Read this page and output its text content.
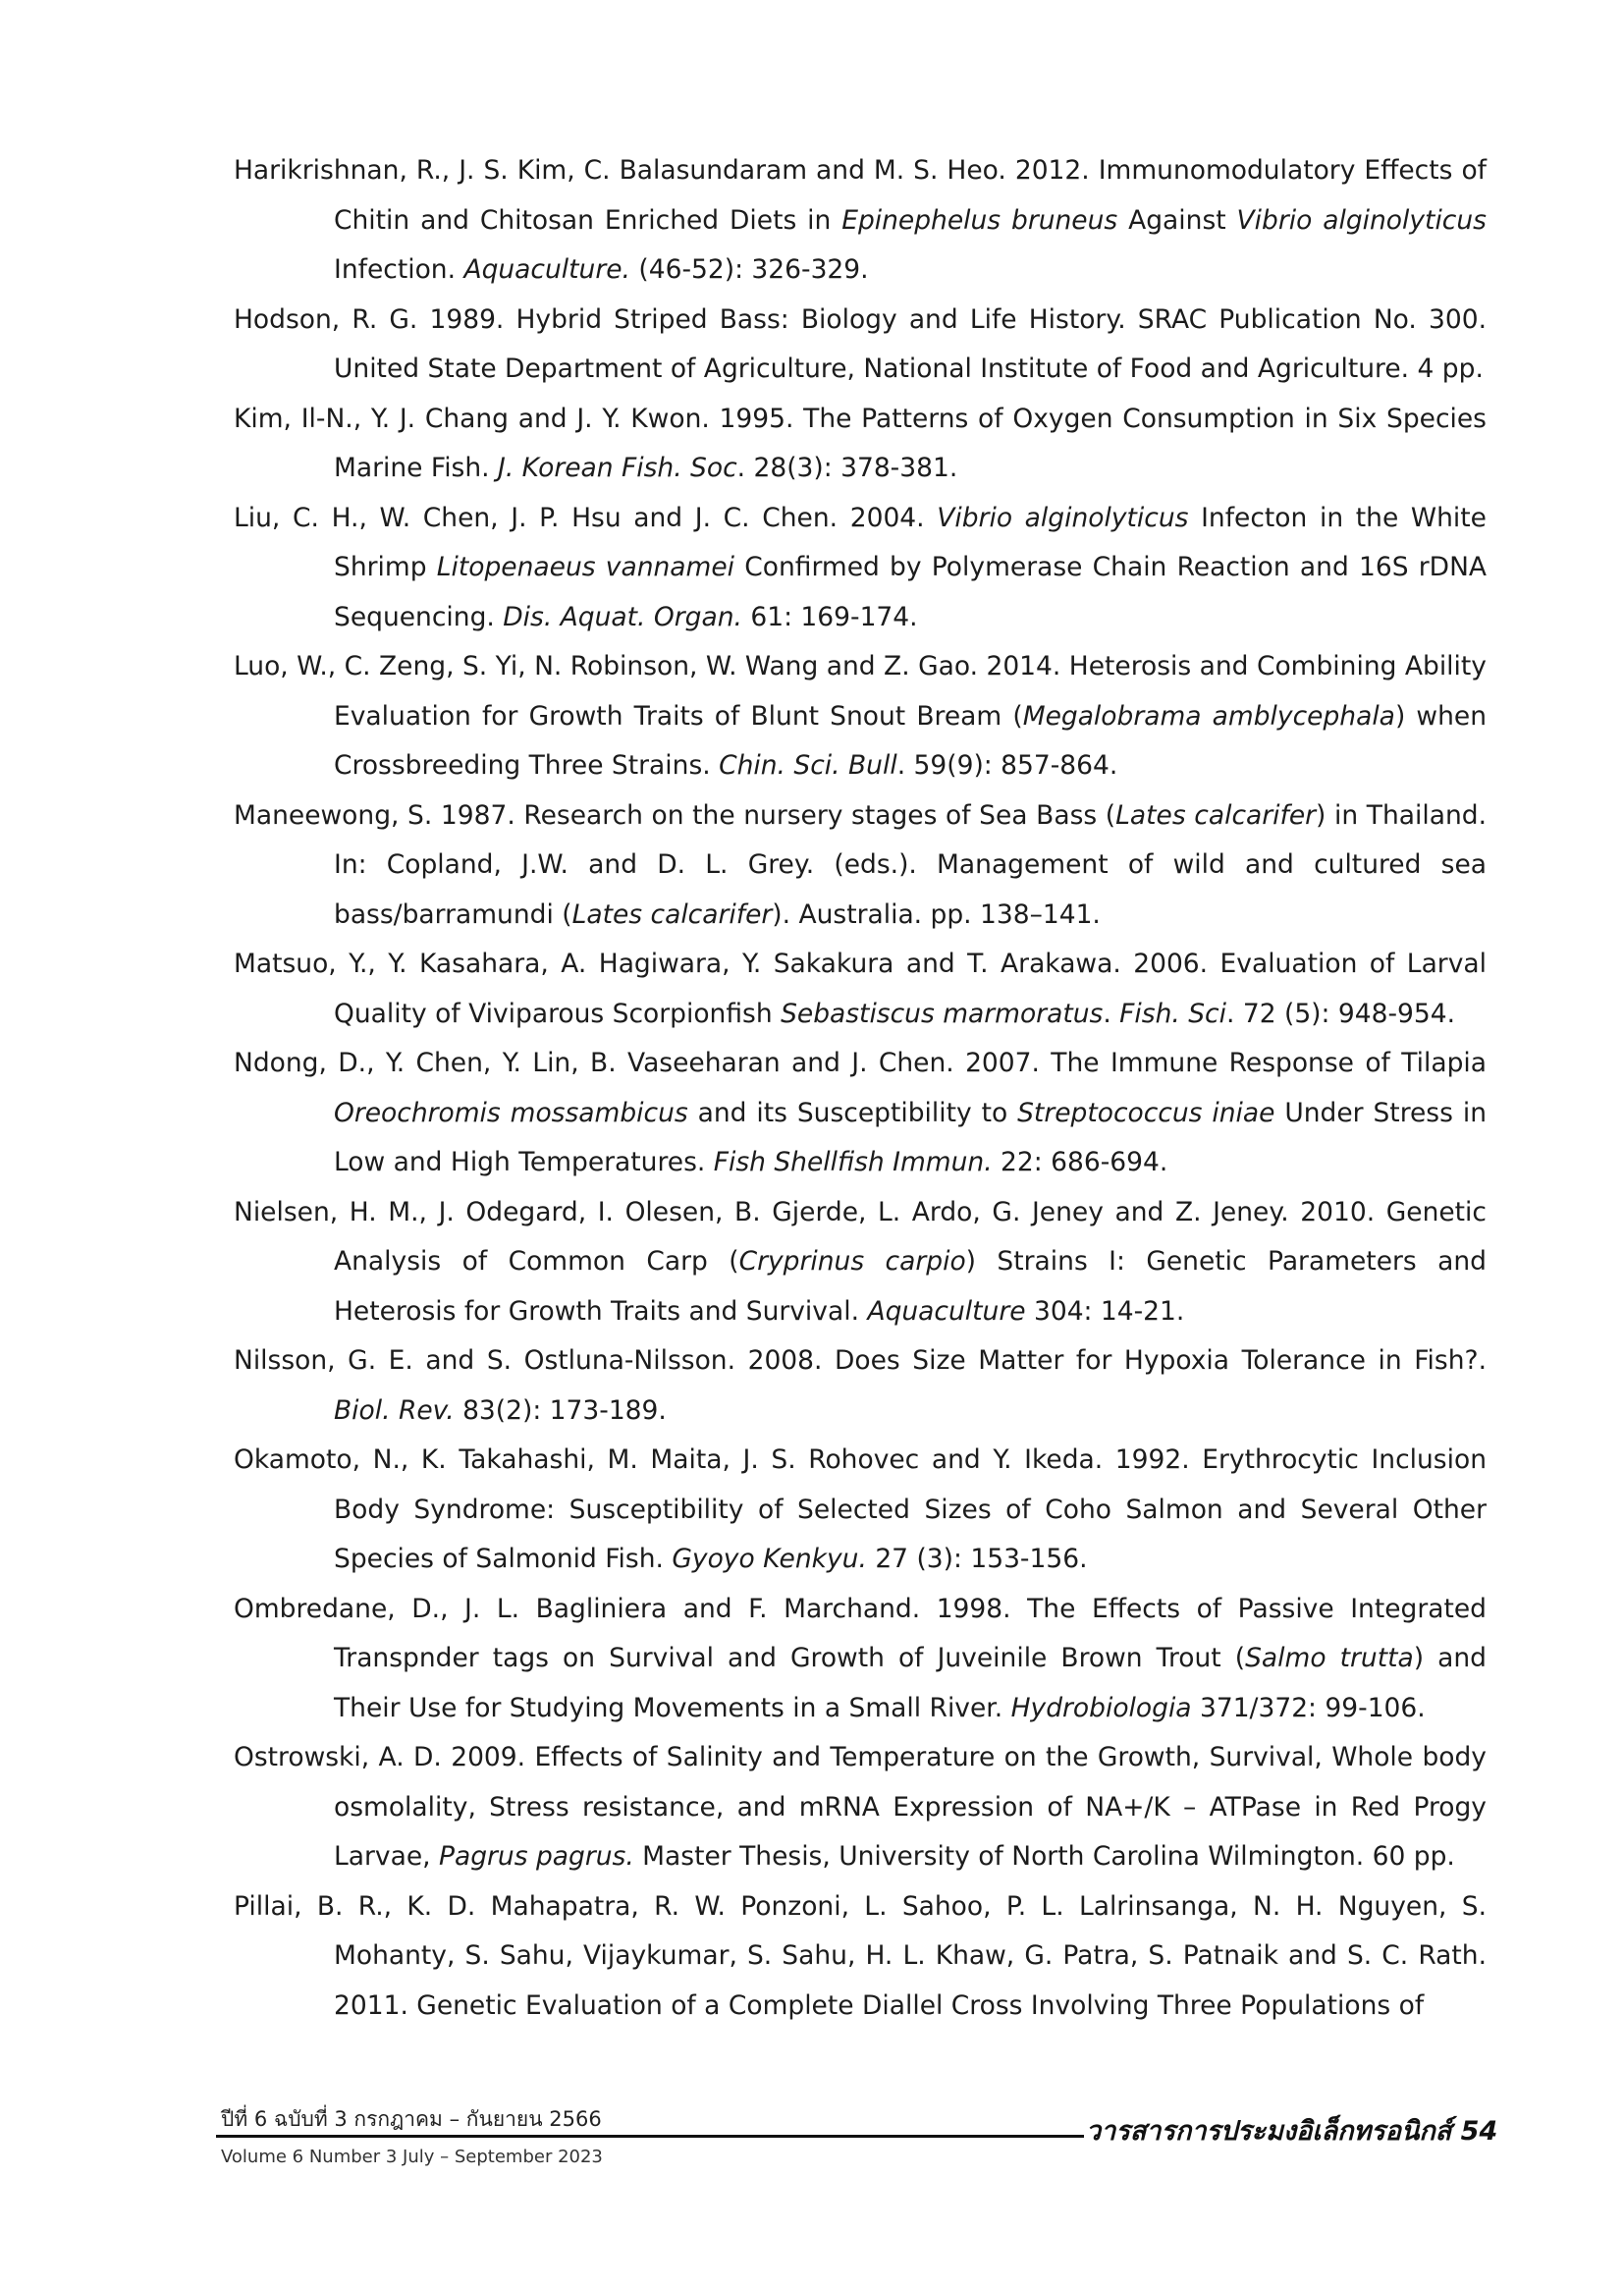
Harikrishnan, R., J. S. Kim, C. Balasundaram and M. S. Heo. 2012. Immunomodulatory Effects of Chitin and Chitosan Enriched Diets in Epinephelus bruneus Against Vibrio alginolyticus Infection. Aquaculture. (46-52): 326-329.

Hodson, R. G. 1989. Hybrid Striped Bass: Biology and Life History. SRAC Publication No. 300. United State Department of Agriculture, National Institute of Food and Agriculture. 4 pp.

Kim, Il-N., Y. J. Chang and J. Y. Kwon. 1995. The Patterns of Oxygen Consumption in Six Species Marine Fish. J. Korean Fish. Soc. 28(3): 378-381.

Liu, C. H., W. Chen, J. P. Hsu and J. C. Chen. 2004. Vibrio alginolyticus Infecton in the White Shrimp Litopenaeus vannamei Confirmed by Polymerase Chain Reaction and 16S rDNA Sequencing. Dis. Aquat. Organ. 61: 169-174.

Luo, W., C. Zeng, S. Yi, N. Robinson, W. Wang and Z. Gao. 2014. Heterosis and Combining Ability Evaluation for Growth Traits of Blunt Snout Bream (Megalobrama amblycephala) when Crossbreeding Three Strains. Chin. Sci. Bull. 59(9): 857-864.

Maneewong, S. 1987. Research on the nursery stages of Sea Bass (Lates calcarifer) in Thailand. In: Copland, J.W. and D. L. Grey. (eds.). Management of wild and cultured sea bass/barramundi (Lates calcarifer). Australia. pp. 138–141.

Matsuo, Y., Y. Kasahara, A. Hagiwara, Y. Sakakura and T. Arakawa. 2006. Evaluation of Larval Quality of Viviparous Scorpionfish Sebastiscus marmoratus. Fish. Sci. 72 (5): 948-954.

Ndong, D., Y. Chen, Y. Lin, B. Vaseeharan and J. Chen. 2007. The Immune Response of Tilapia Oreochromis mossambicus and its Susceptibility to Streptococcus iniae Under Stress in Low and High Temperatures. Fish Shellfish Immun. 22: 686-694.

Nielsen, H. M., J. Odegard, I. Olesen, B. Gjerde, L. Ardo, G. Jeney and Z. Jeney. 2010. Genetic Analysis of Common Carp (Cryprinus carpio) Strains I: Genetic Parameters and Heterosis for Growth Traits and Survival. Aquaculture 304: 14-21.

Nilsson, G. E. and S. Ostluna-Nilsson. 2008. Does Size Matter for Hypoxia Tolerance in Fish?. Biol. Rev. 83(2): 173-189.

Okamoto, N., K. Takahashi, M. Maita, J. S. Rohovec and Y. Ikeda. 1992. Erythrocytic Inclusion Body Syndrome: Susceptibility of Selected Sizes of Coho Salmon and Several Other Species of Salmonid Fish. Gyoyo Kenkyu. 27 (3): 153-156.

Ombredane, D., J. L. Bagliniera and F. Marchand. 1998. The Effects of Passive Integrated Transpnder tags on Survival and Growth of Juveinile Brown Trout (Salmo trutta) and Their Use for Studying Movements in a Small River. Hydrobiologia 371/372: 99-106.

Ostrowski, A. D. 2009. Effects of Salinity and Temperature on the Growth, Survival, Whole body osmolality, Stress resistance, and mRNA Expression of NA+/K – ATPase in Red Progy Larvae, Pagrus pagrus. Master Thesis, University of North Carolina Wilmington. 60 pp.

Pillai, B. R., K. D. Mahapatra, R. W. Ponzoni, L. Sahoo, P. L. Lalrinsanga, N. H. Nguyen, S. Mohanty, S. Sahu, Vijaykumar, S. Sahu, H. L. Khaw, G. Patra, S. Patnaik and S. C. Rath. 2011. Genetic Evaluation of a Complete Diallel Cross Involving Three Populations of

ปีที่ 6 ฉบับที่ 3 กรกฎาคม – กันยายน 2566
Volume 6 Number 3 July – September 2023
วารสารการประมงอิเล็กทรอนิกส์ 54
